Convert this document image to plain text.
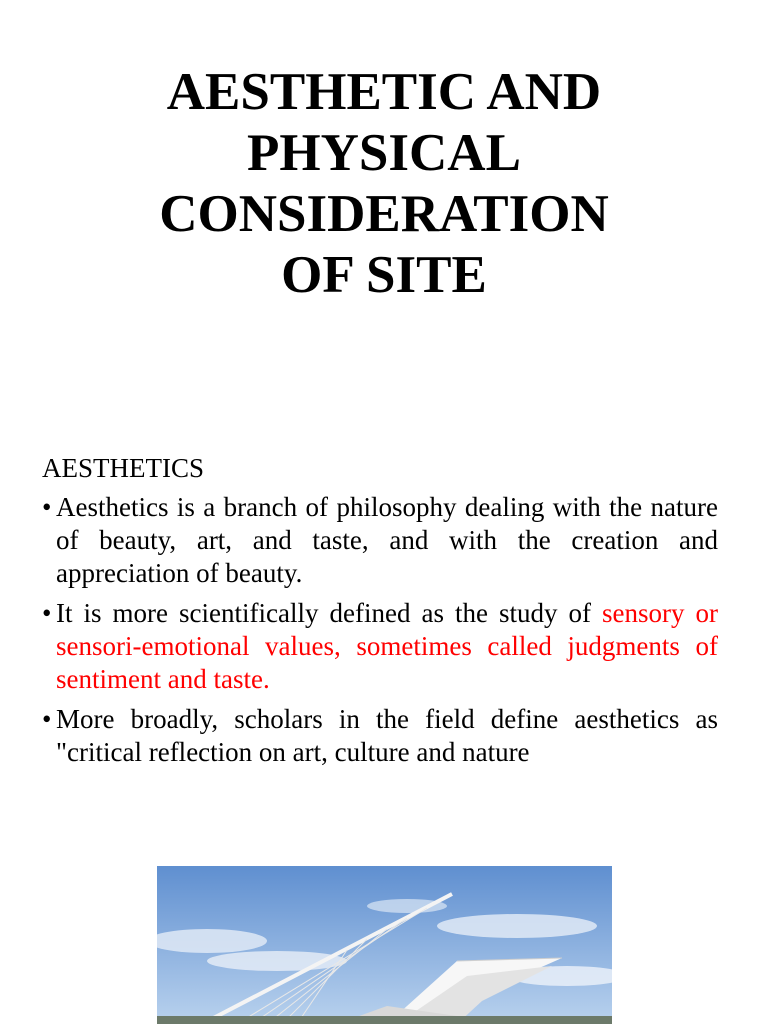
AESTHETIC AND
PHYSICAL
CONSIDERATION
OF SITE

AESTHETICS

• Aesthetics is a branch of philosophy dealing with the nature of beauty, art, and taste, and with the creation and appreciation of beauty.

• It is more scientifically defined as the study of sensory or sensori-emotional values, sometimes called judgments of sentiment and taste.

• More broadly, scholars in the field define aesthetics as "critical reflection on art, culture and nature
